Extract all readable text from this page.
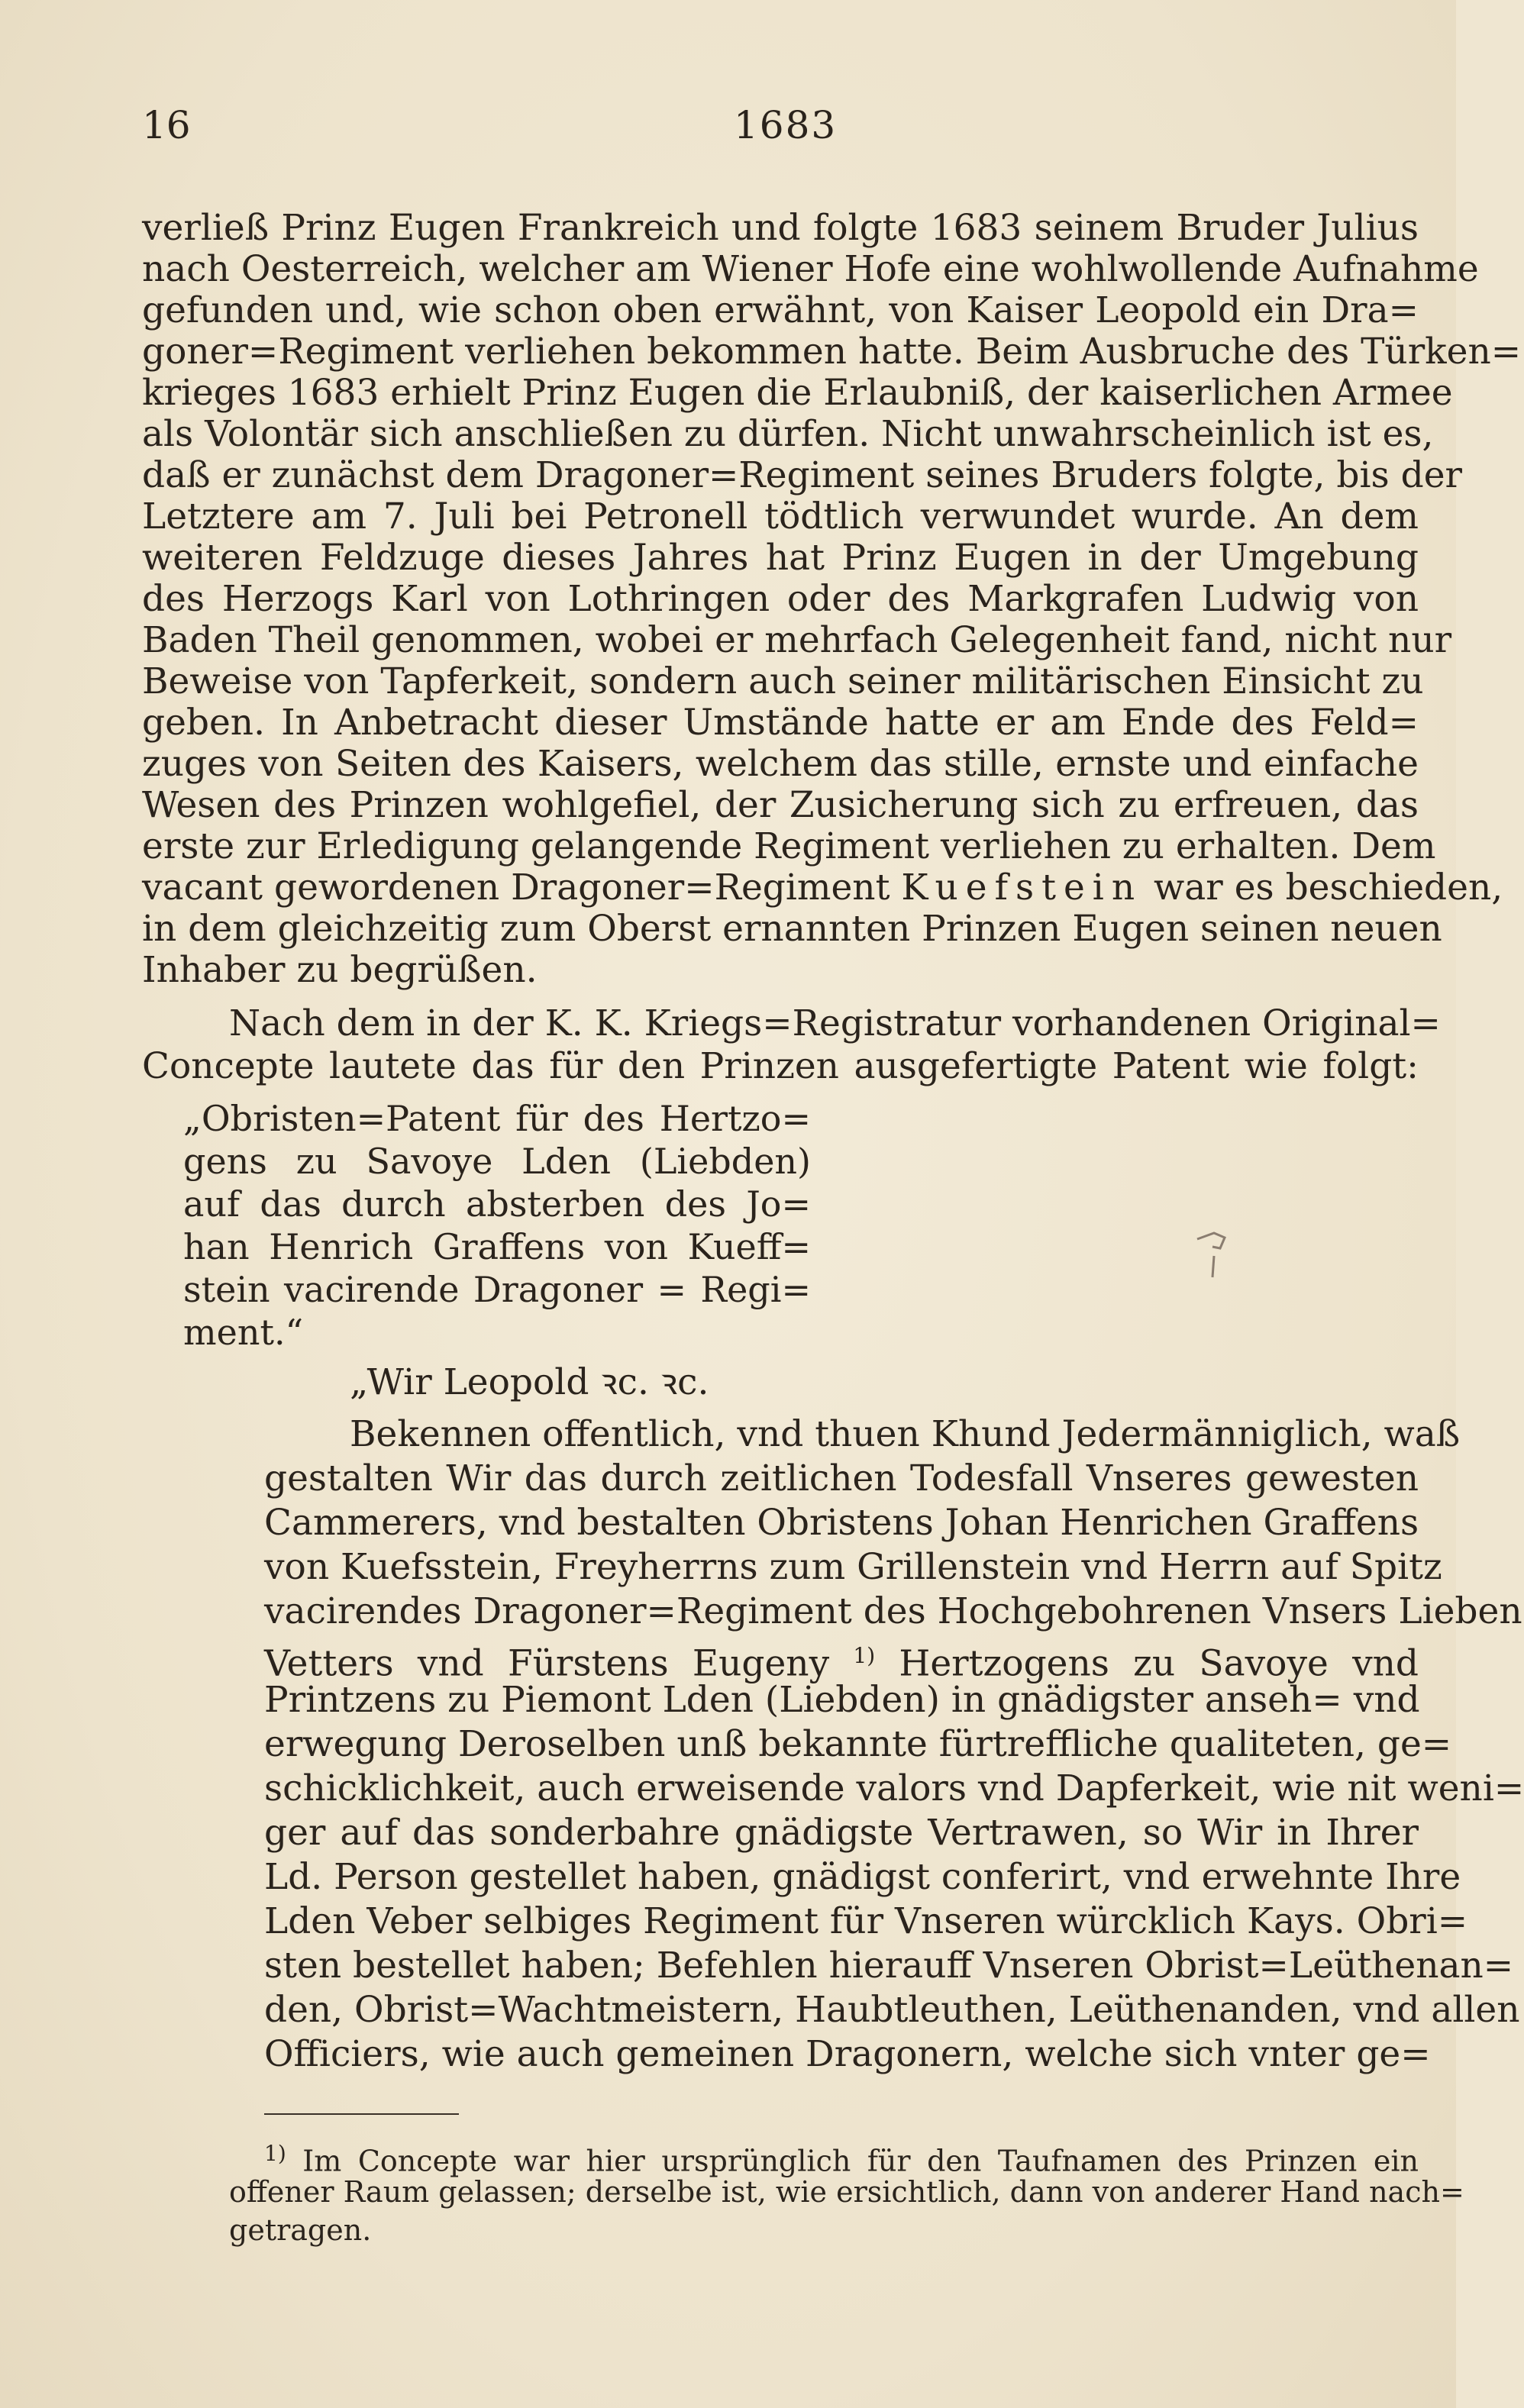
16	1683
verließ Prinz Eugen Frankreich und folgte 1683 seinem Bruder Julius
nach Oesterreich, welcher am Wiener Hofe eine wohlwollende Aufnahme
gefunden und, wie schon oben erwähnt, von Kaiser Leopold ein Dra=
goner=Regiment verliehen bekommen hatte. Beim Ausbruche des Türken=
krieges 1683 erhielt Prinz Eugen die Erlaubniß, der kaiserlichen Armee
als Volontär sich anschließen zu dürfen. Nicht unwahrscheinlich ist es,
daß er zunächst dem Dragoner=Regiment seines Bruders folgte, bis der
Letztere am 7. Juli bei Petronell tödtlich verwundet wurde. An dem
weiteren Feldzuge dieses Jahres hat Prinz Eugen in der Umgebung
des Herzogs Karl von Lothringen oder des Markgrafen Ludwig von
Baden Theil genommen, wobei er mehrfach Gelegenheit fand, nicht nur
Beweise von Tapferkeit, sondern auch seiner militärischen Einsicht zu
geben. In Anbetracht dieser Umstände hatte er am Ende des Feld=
zuges von Seiten des Kaisers, welchem das stille, ernste und einfache
Wesen des Prinzen wohlgefiel, der Zusicherung sich zu erfreuen, das
erste zur Erledigung gelangende Regiment verliehen zu erhalten. Dem
vacant gewordenen Dragoner=Regiment Kuefstein war es beschieden,
in dem gleichzeitig zum Oberst ernannten Prinzen Eugen seinen neuen
Inhaber zu begrüßen.
Nach dem in der K. K. Kriegs=Registratur vorhandenen Original=
Concepte lautete das für den Prinzen ausgefertigte Patent wie folgt:
„Obristen=Patent für des Hertzo=
gens zu Savoye Lden (Liebden)
auf das durch absterben des Jo=
han Henrich Graffens von Kueff=
stein vacirende Dragoner = Regi=
ment.“
„Wir Leopold ꝛc. ꝛc.
Bekennen offentlich, vnd thuen Khund Jedermänniglich, waß
gestalten Wir das durch zeitlichen Todesfall Vnseres gewesten
Cammerers, vnd bestalten Obristens Johan Henrichen Graffens
von Kuefsstein, Freyherrns zum Grillenstein vnd Herrn auf Spitz
vacirendes Dragoner=Regiment des Hochgebohrenen Vnsers Lieben
Vetters vnd Fürstens Eugeny $^{1)}$ Hertzogens zu Savoye vnd
Printzens zu Piemont Lden (Liebden) in gnädigster anseh= vnd
erwegung Deroselben unß bekannte fürtreffliche qualiteten, ge=
schicklichkeit, auch erweisende valors vnd Dapferkeit, wie nit weni=
ger auf das sonderbahre gnädigste Vertrawen, so Wir in Ihrer
Ld. Person gestellet haben, gnädigst conferirt, vnd erwehnte Ihre
Lden Veber selbiges Regiment für Vnseren würcklich Kays. Obri=
sten bestellet haben; Befehlen hierauff Vnseren Obrist=Leüthenan=
den, Obrist=Wachtmeistern, Haubtleuthen, Leüthenanden, vnd allen
Officiers, wie auch gemeinen Dragonern, welche sich vnter ge=
$^{1)}$ Im Concepte war hier ursprünglich für den Taufnamen des Prinzen ein
offener Raum gelassen; derselbe ist, wie ersichtlich, dann von anderer Hand nach=
getragen.
